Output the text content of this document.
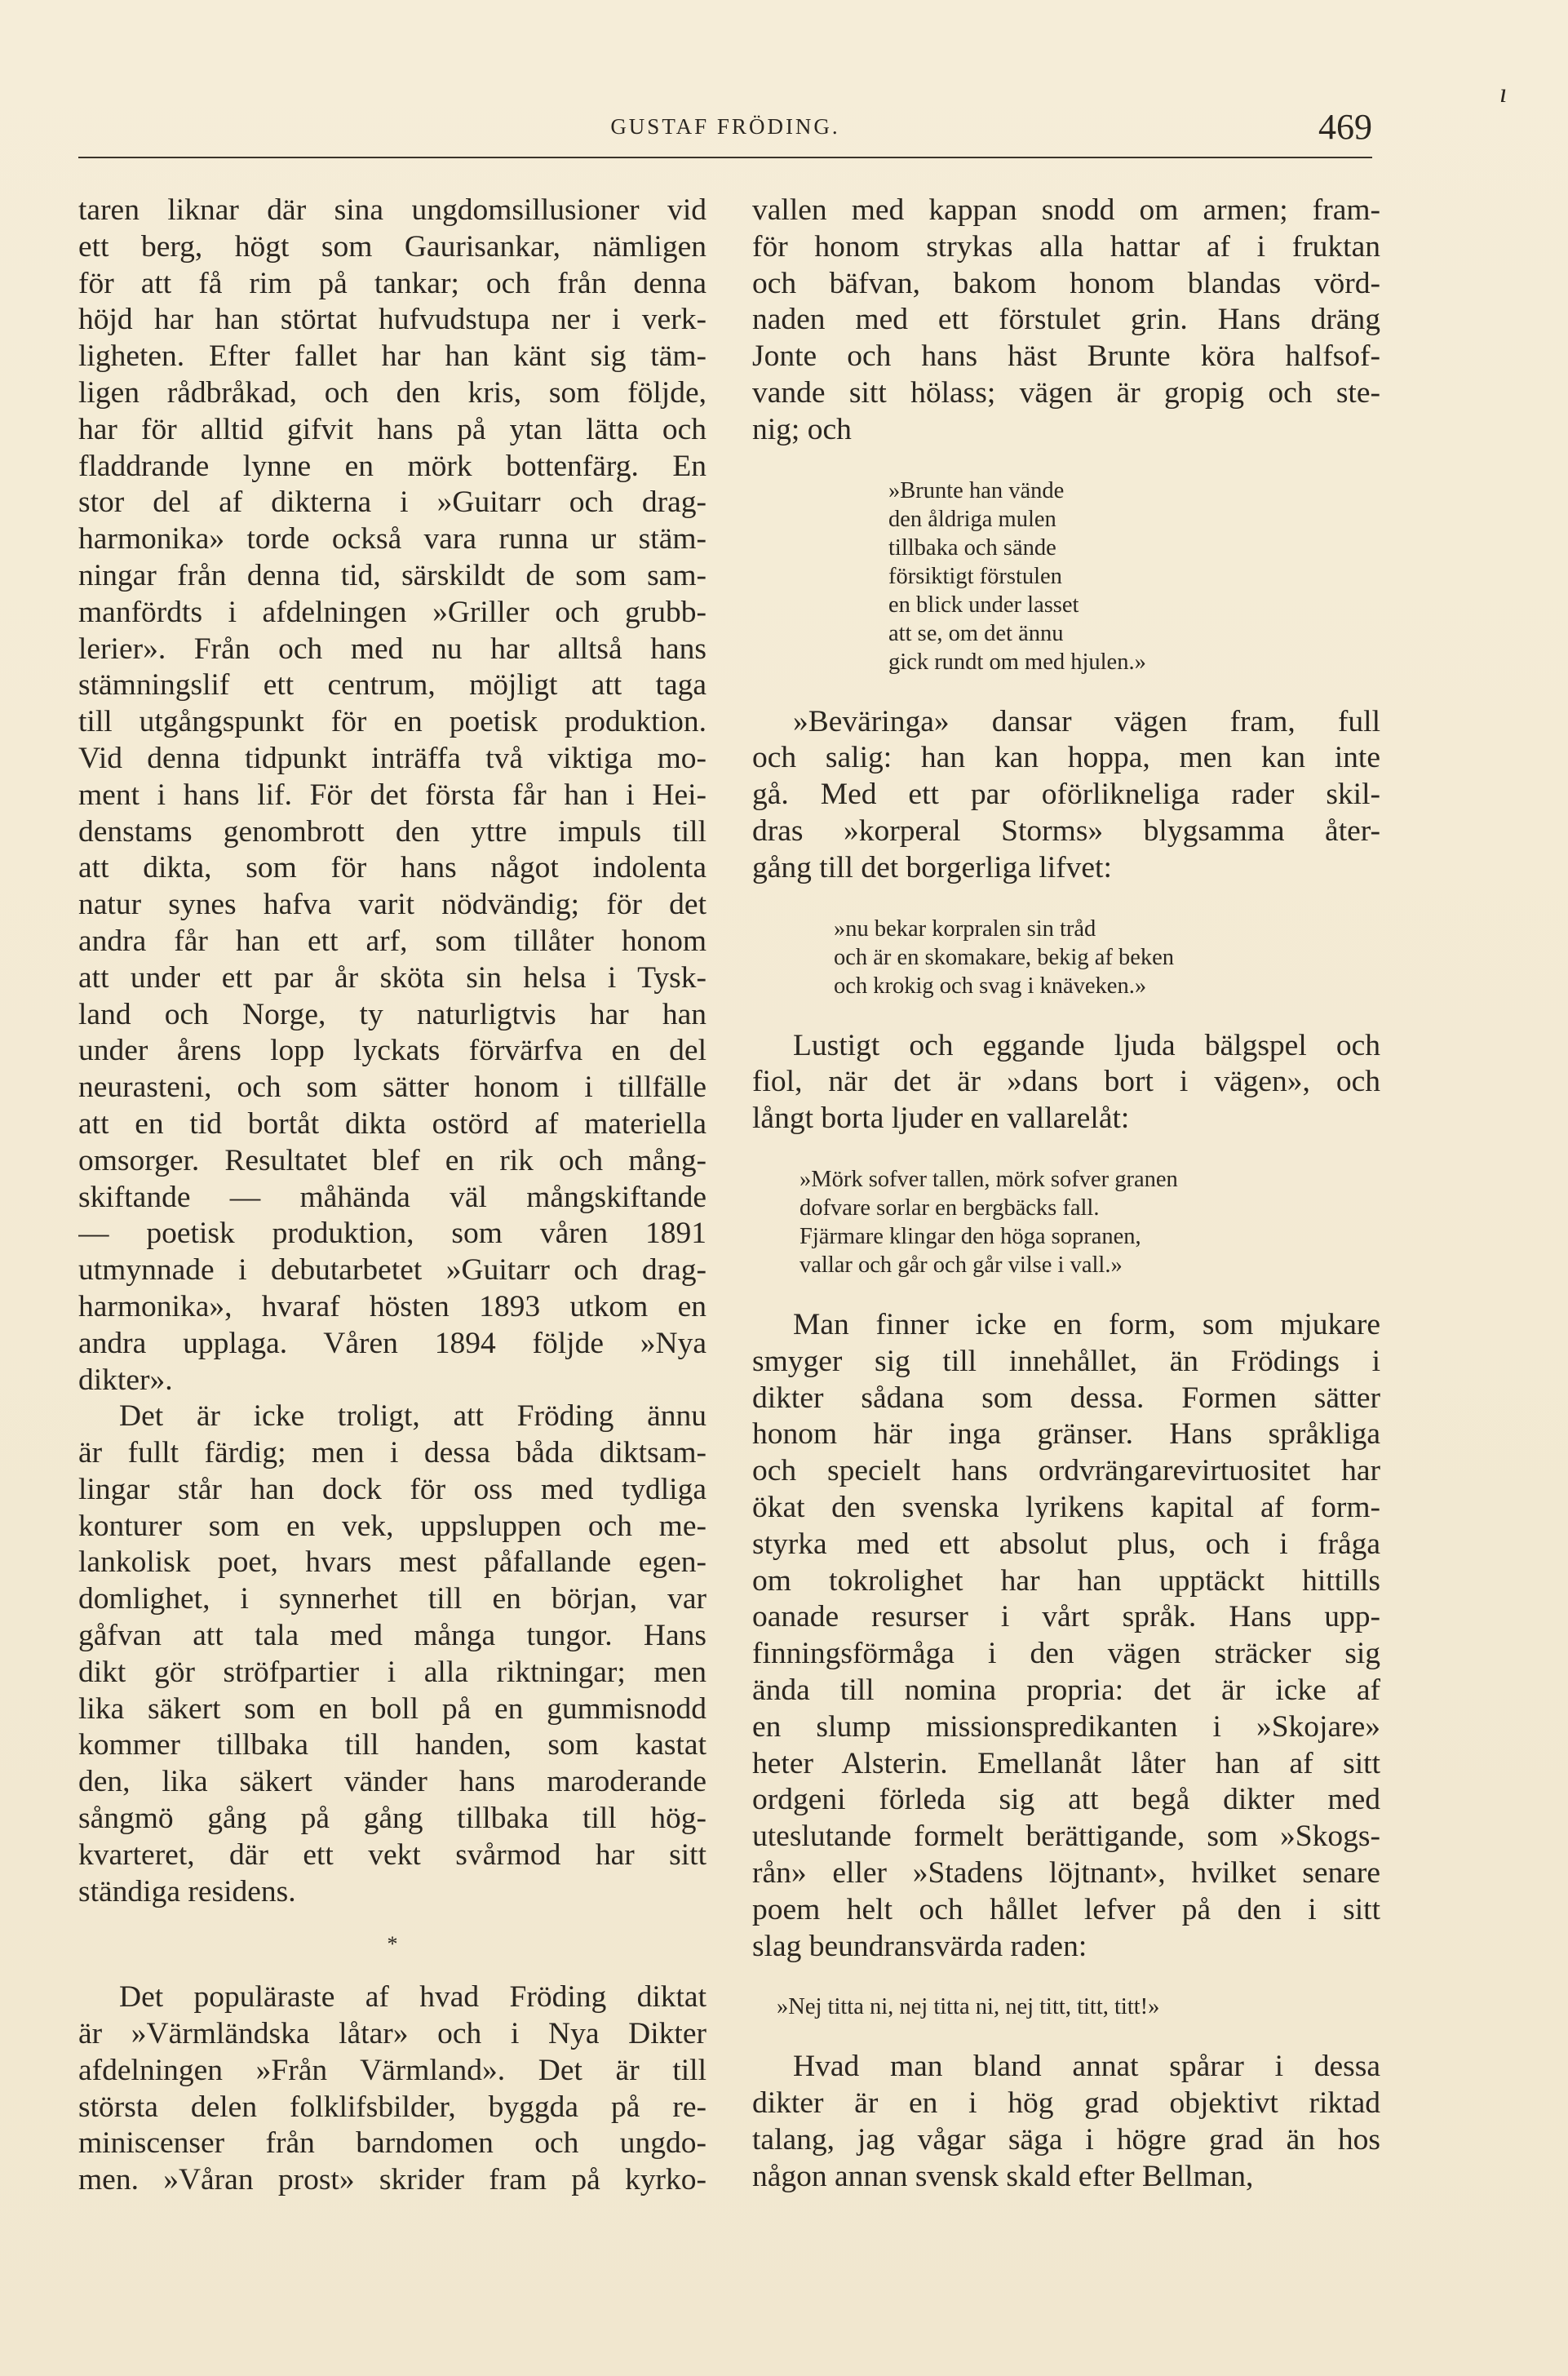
GUSTAF FRÖDING.	469
ı
taren liknar där sina ungdomsillusioner vid
ett berg, högt som Gaurisankar, nämligen
för att få rim på tankar; och från denna
höjd har han störtat hufvudstupa ner i verk-
ligheten. Efter fallet har han känt sig täm-
ligen rådbråkad, och den kris, som följde,
har för alltid gifvit hans på ytan lätta och
fladdrande lynne en mörk bottenfärg. En
stor del af dikterna i »Guitarr och drag-
harmonika» torde också vara runna ur stäm-
ningar från denna tid, särskildt de som sam-
manfördts i afdelningen »Griller och grubb-
lerier». Från och med nu har alltså hans
stämningslif ett centrum, möjligt att taga
till utgångspunkt för en poetisk produktion.
Vid denna tidpunkt inträffa två viktiga mo-
ment i hans lif. För det första får han i Hei-
denstams genombrott den yttre impuls till
att dikta, som för hans något indolenta
natur synes hafva varit nödvändig; för det
andra får han ett arf, som tillåter honom
att under ett par år sköta sin helsa i Tysk-
land och Norge, ty naturligtvis har han
under årens lopp lyckats förvärfva en del
neurasteni, och som sätter honom i tillfälle
att en tid bortåt dikta ostörd af materiella
omsorger. Resultatet blef en rik och mång-
skiftande — måhända väl mångskiftande
— poetisk produktion, som våren 1891
utmynnade i debutarbetet »Guitarr och drag-
harmonika», hvaraf hösten 1893 utkom en
andra upplaga. Våren 1894 följde »Nya
dikter».
Det är icke troligt, att Fröding ännu
är fullt färdig; men i dessa båda diktsam-
lingar står han dock för oss med tydliga
konturer som en vek, uppsluppen och me-
lankolisk poet, hvars mest påfallande egen-
domlighet, i synnerhet till en början, var
gåfvan att tala med många tungor. Hans
dikt gör ströfpartier i alla riktningar; men
lika säkert som en boll på en gummisnodd
kommer tillbaka till handen, som kastat
den, lika säkert vänder hans maroderande
sångmö gång på gång tillbaka till hög-
kvarteret, där ett vekt svårmod har sitt
ständiga residens.
*
Det populäraste af hvad Fröding diktat
är »Värmländska låtar» och i Nya Dikter
afdelningen »Från Värmland». Det är till
största delen folklifsbilder, byggda på re-
miniscenser från barndomen och ungdo-
men. »Våran prost» skrider fram på kyrko-
vallen med kappan snodd om armen; fram-
för honom strykas alla hattar af i fruktan
och bäfvan, bakom honom blandas vörd-
naden med ett förstulet grin. Hans dräng
Jonte och hans häst Brunte köra halfsof-
vande sitt hölass; vägen är gropig och ste-
nig; och
»Brunte han vände
den åldriga mulen
tillbaka och sände
försiktigt förstulen
en blick under lasset
att se, om det ännu
gick rundt om med hjulen.»
»Beväringa» dansar vägen fram, full
och salig: han kan hoppa, men kan inte
gå. Med ett par oförlikneliga rader skil-
dras »korperal Storms» blygsamma åter-
gång till det borgerliga lifvet:
»nu bekar korpralen sin tråd
och är en skomakare, bekig af beken
och krokig och svag i knäveken.»
Lustigt och eggande ljuda bälgspel och
fiol, när det är »dans bort i vägen», och
långt borta ljuder en vallarelåt:
»Mörk sofver tallen, mörk sofver granen
dofvare sorlar en bergbäcks fall.
Fjärmare klingar den höga sopranen,
vallar och går och går vilse i vall.»
Man finner icke en form, som mjukare
smyger sig till innehållet, än Frödings i
dikter sådana som dessa. Formen sätter
honom här inga gränser. Hans språkliga
och specielt hans ordvrängarevirtuositet har
ökat den svenska lyrikens kapital af form-
styrka med ett absolut plus, och i fråga
om tokrolighet har han upptäckt hittills
oanade resurser i vårt språk. Hans upp-
finningsförmåga i den vägen sträcker sig
ända till nomina propria: det är icke af
en slump missionspredikanten i »Skojare»
heter Alsterin. Emellanåt låter han af sitt
ordgeni förleda sig att begå dikter med
uteslutande formelt berättigande, som »Skogs-
rån» eller »Stadens löjtnant», hvilket senare
poem helt och hållet lefver på den i sitt
slag beundransvärda raden:
»Nej titta ni, nej titta ni, nej titt, titt, titt!»
Hvad man bland annat spårar i dessa
dikter är en i hög grad objektivt riktad
talang, jag vågar säga i högre grad än hos
någon annan svensk skald efter Bellman,
